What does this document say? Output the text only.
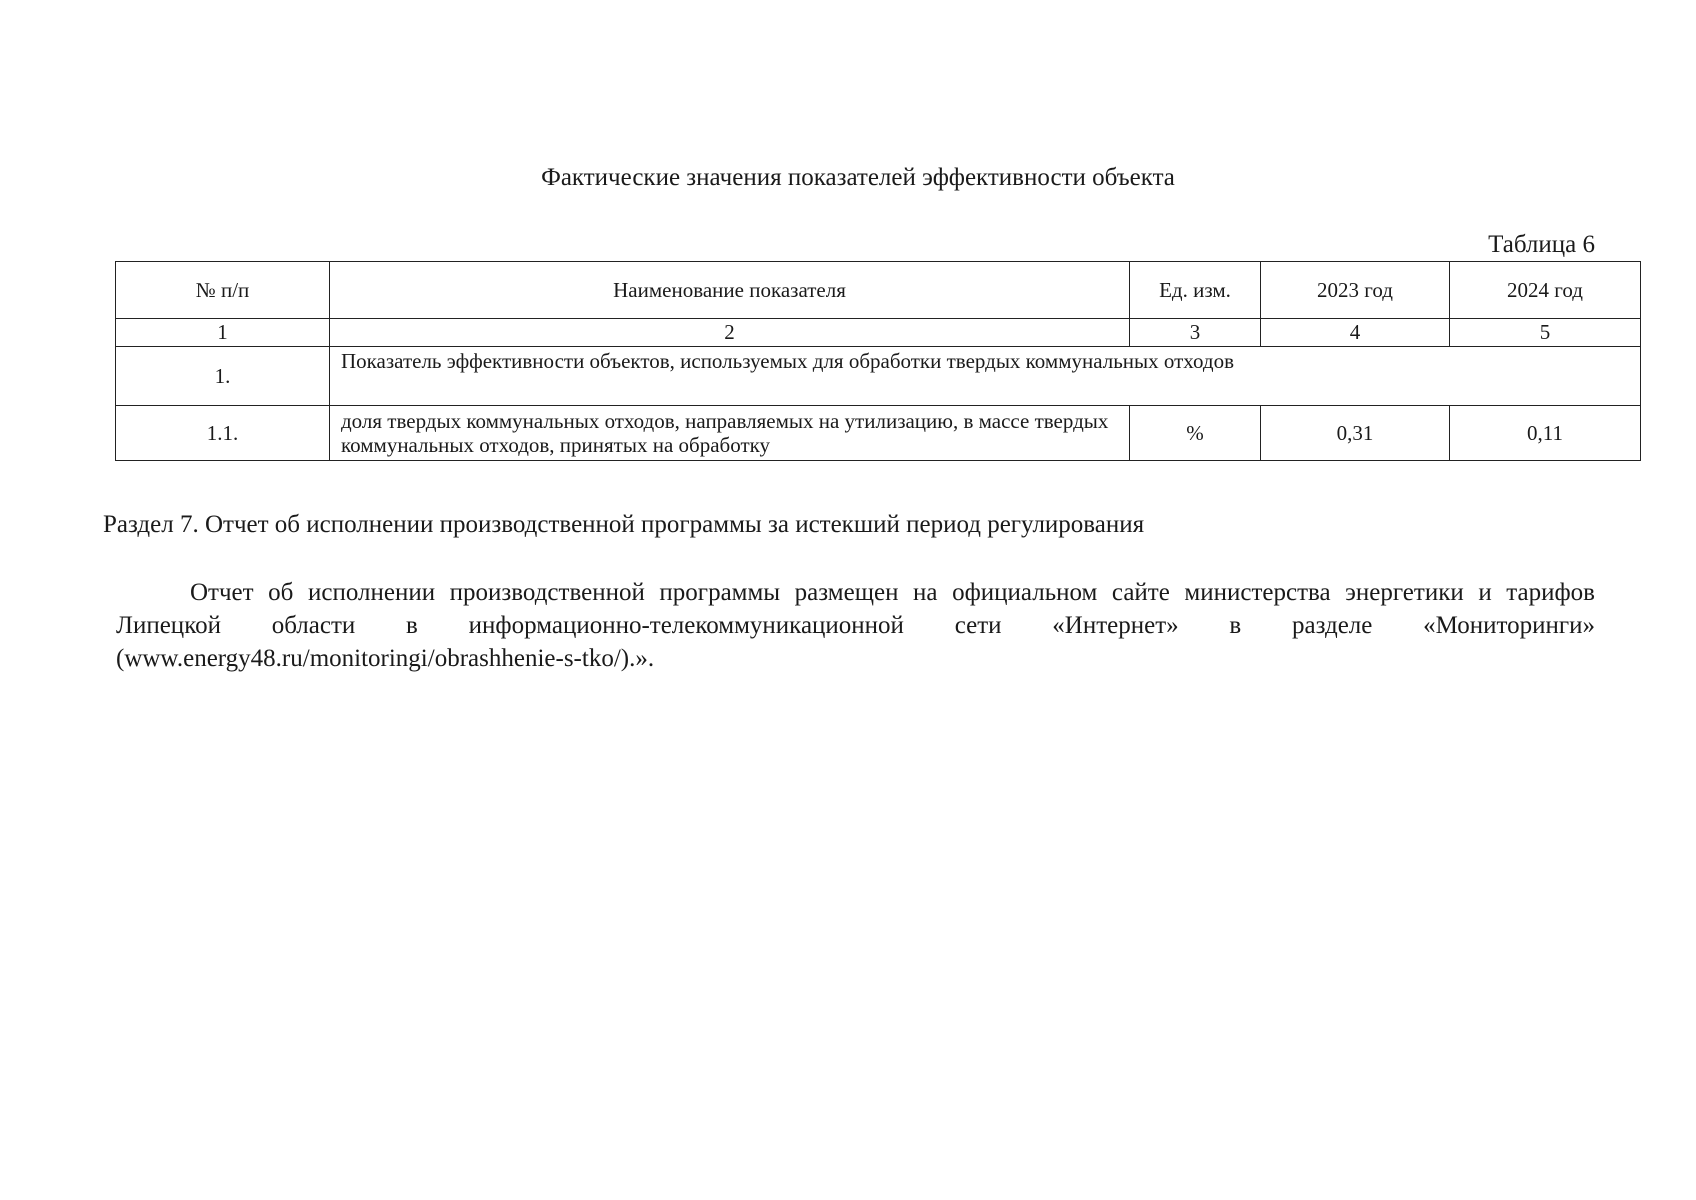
Фактические значения показателей эффективности объекта
Таблица 6
№ п/п	Наименование показателя	Ед. изм.	2023 год	2024 год
1	2	3	4	5
1.	Показатель эффективности объектов, используемых для обработки твердых коммунальных отходов			
1.1.	доля твердых коммунальных отходов, направляемых на утилизацию, в массе твердых коммунальных отходов, принятых на обработку	%	0,31	0,11
Раздел 7. Отчет об исполнении производственной программы за истекший период регулирования

Отчет об исполнении производственной программы размещен на официальном сайте министерства энергетики и тарифов Липецкой области в информационно-телекоммуникационной сети «Интернет» в разделе «Мониторинги» (www.energy48.ru/monitoringi/obrashhenie-s-tko/).».
